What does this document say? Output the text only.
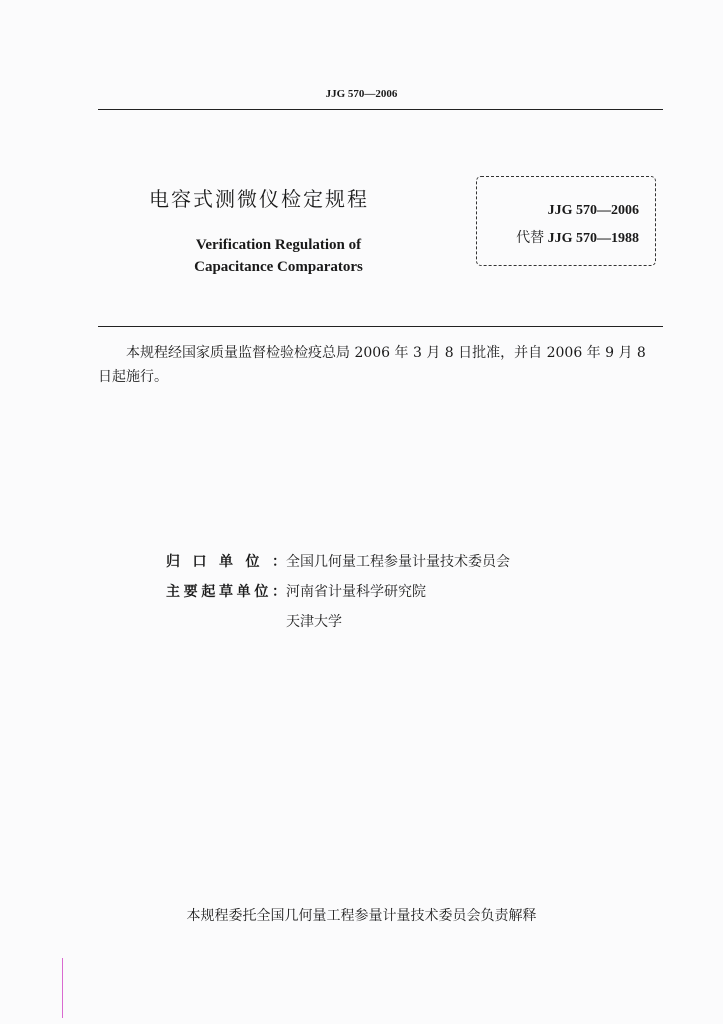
JJG 570—2006
电容式测微仪检定规程
Verification Regulation of
Capacitance Comparators
JJG 570—2006
代替 JJG 570—1988
本规程经国家质量监督检验检疫总局 2006 年 3 月 8 日批准，并自 2006 年 9 月 8 日起施行。
归口单位： 全国几何量工程参量计量技术委员会
主要起草单位： 河南省计量科学研究院
天津大学
本规程委托全国几何量工程参量计量技术委员会负责解释
